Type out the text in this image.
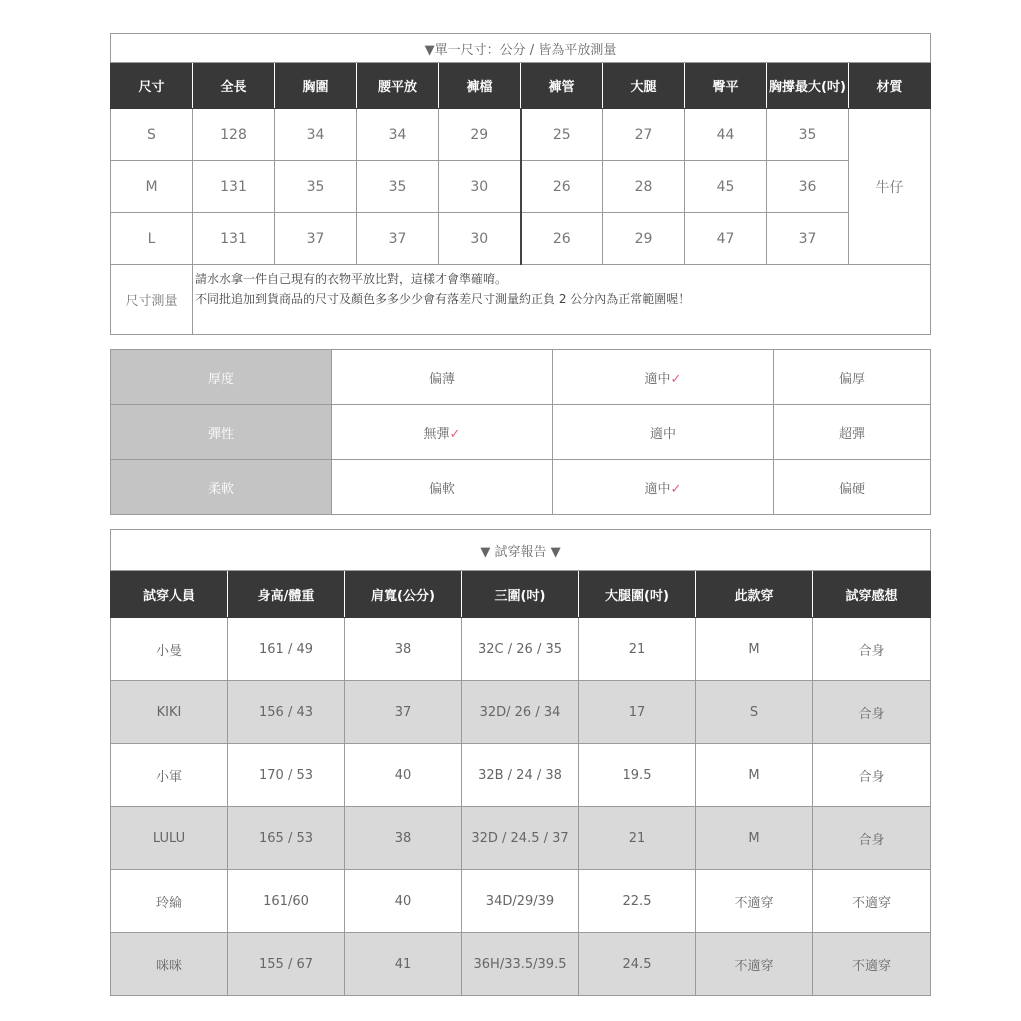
▼單一尺寸：公分 / 皆為平放測量									
尺寸	全長	胸圍	腰平放	褲檔	褲管	大腿	臀平	胸撐最大(吋)	材質
S	128	34	34	29	25	27	44	35	牛仔
M	131	35	35	30	26	28	45	36	
L	131	37	37	30	26	29	47	37	
尺寸測量	請水水拿一件自己現有的衣物平放比對，這樣才會準確唷。
不同批追加到貨商品的尺寸及顏色多多少少會有落差尺寸測量約正負 2 公分內為正常範圍喔！								
厚度	偏薄	適中✓	偏厚
彈性	無彈✓	適中	超彈
柔軟	偏軟	適中✓	偏硬
▼ 試穿報告 ▼						
試穿人員	身高/體重	肩寬(公分)	三圍(吋)	大腿圍(吋)	此款穿	試穿感想
小曼	161 / 49	38	32C / 26 / 35	21	M	合身
KIKI	156 / 43	37	32D/ 26 / 34	17	S	合身
小軍	170 / 53	40	32B / 24 / 38	19.5	M	合身
LULU	165 / 53	38	32D / 24.5 / 37	21	M	合身
玲綸	161/60	40	34D/29/39	22.5	不適穿	不適穿
咪咪	155 / 67	41	36H/33.5/39.5	24.5	不適穿	不適穿
